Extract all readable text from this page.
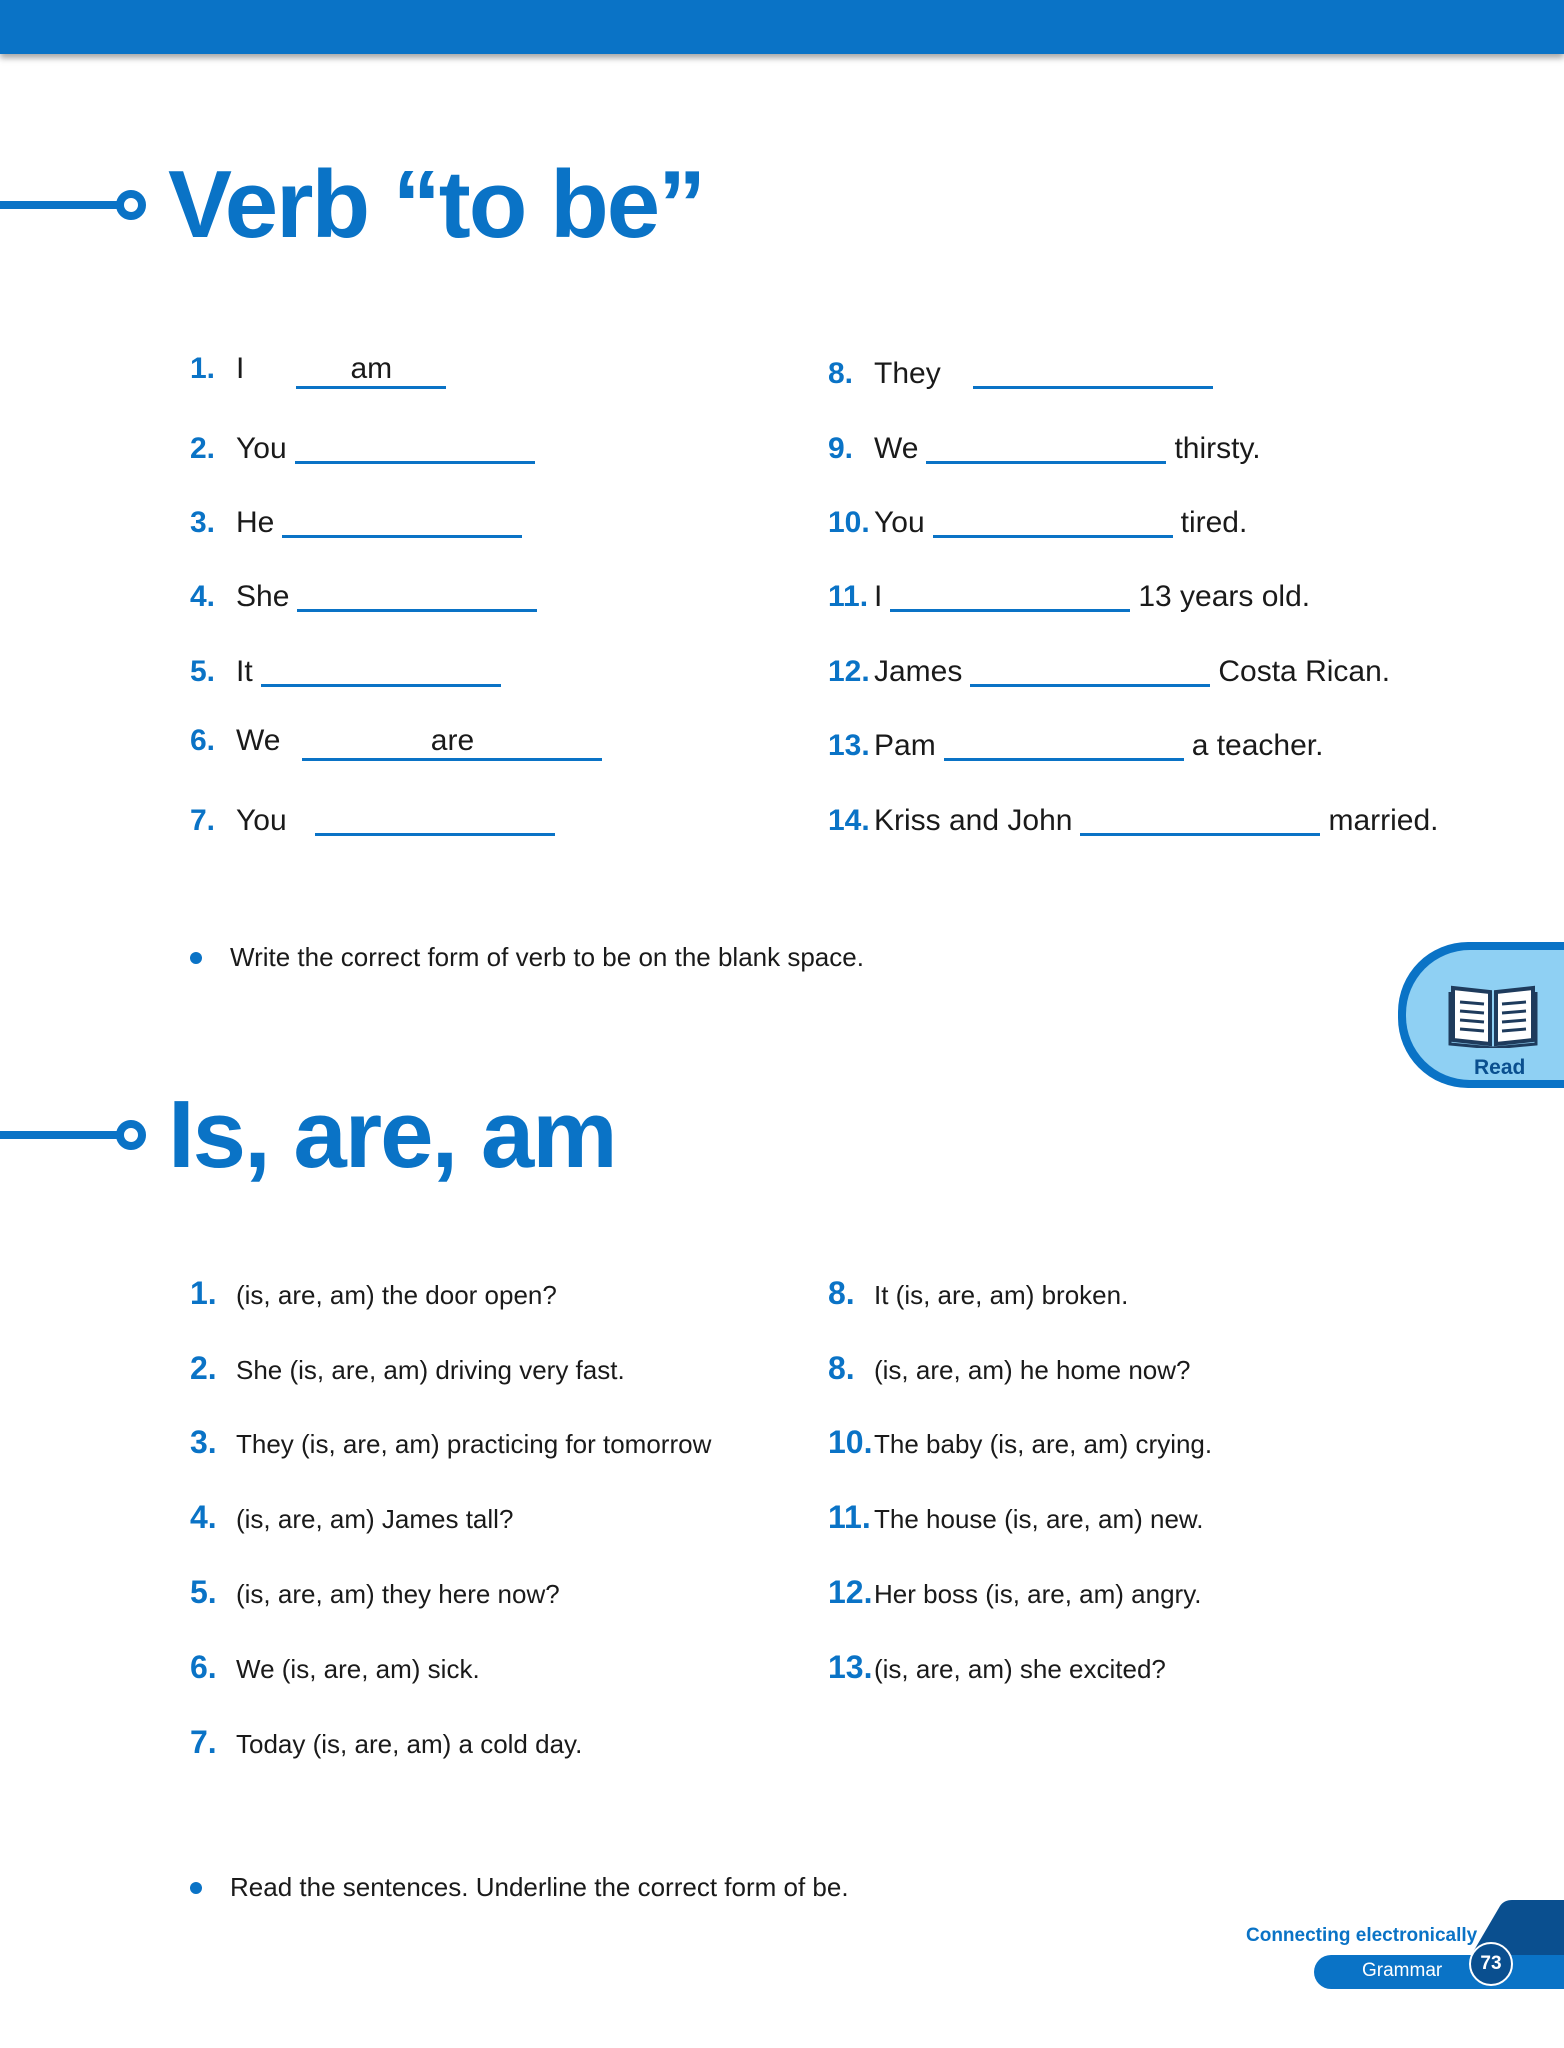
Verb “to be”
1. I	am
2. You
3. He
4. She
5. It
6. We	are
7. You
8. They
9. We	thirsty.
10. You	tired.
11. I	13 years old.
12. James	Costa Rican.
13. Pam	a teacher.
14. Kriss and John	married.
Write the correct form of verb to be on the blank space.
Read
Is, are, am
1. (is, are, am) the door open?
2. She (is, are, am) driving very fast.
3. They (is, are, am) practicing for tomorrow
4. (is, are, am) James tall?
5. (is, are, am) they here now?
6. We (is, are, am) sick.
7. Today (is, are, am) a cold day.
8. It (is, are, am) broken.
8. (is, are, am) he home now?
10. The baby (is, are, am) crying.
11. The house (is, are, am) new.
12. Her boss (is, are, am) angry.
13. (is, are, am) she excited?
Read the sentences. Underline the correct form of be.
Connecting electronically
Grammar	73
